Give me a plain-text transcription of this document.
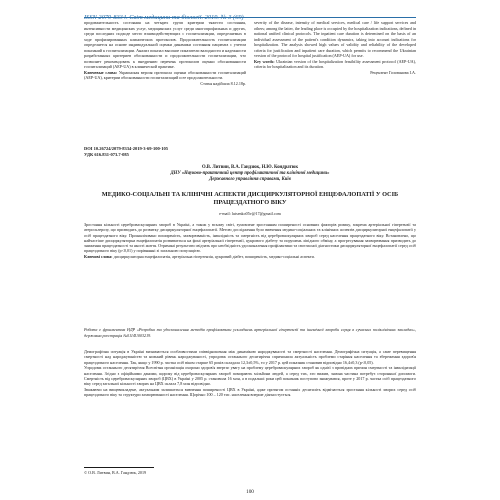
продовжительность состояния на четырех групп критерии тяжести состояния, интенсивности медицинских услуг, медицинских услуг среди многопрофильных и других, среди последних подходе место взаимодействующих с госпитализации, определяемых в ходе профилированных клинических протоколов. Продолжительность госпитализации определяется на основе индивидуальной оценки динамики состояния пациента с учетом показаний к госпитализации. Анализ показал высокие показатели валидности и надежности разработанных критериев обоснованности и продолжительности госпитализации, что позволяет рекомендовать к внедрению перечень протоколов оценки обоснованности госпитализаций (AEP-UA) в клинической практике.
Ключевые слова: Украинская версия протокола оценки обоснованности госпитализаций (AEP-UA), критерии обоснованности госпитализаций и ее продолжительности.
Статья надійшла 8.12.18р.
severity of the disease, intensity of medical services, medical care / life support services and others; among the latter, the leading place is occupied by the hospitalization indications, defined in national unified clinical protocols. The inpatient care duration is determined on the basis of an individual assessment of the patient's condition dynamics, taking into account indications for hospitalization. The analysis showed high values of validity and reliability of the developed criteria for justification and inpatient care duration, which permits to recommend the Ukrainian version of the protocol for hospital justification (AEP-UA) for use.
Key words: Ukrainian version of the hospitalization feasibility assessment protocol (AEP-UA), criteria for hospitalization and its duration.
Рецензент Голованова І.А.
DOI 10.26724/2079-8334-2019-3-69-100-105
УДК 616.831-073.7-085
О.В. Литвин, В.А. Гандзюк, Н.Ю. Кондратюк
ДНУ «Науково-практичний центр профілактичної та клінічної медицини»
Державного управління справами, Київ
МЕДИКО-СОЦІАЛЬНІ ТА КЛІНІЧНІ АСПЕКТИ ДИСЦИРКУЛЯТОРНОЇ ЕНЦЕФАЛОПАТІЇ У ОСІБ ПРАЦЕЗДАТНОГО ВІКУ
e-mail: lutsenko05v@17@gmail.com
Зростання кількості цереброваскулярних хвороб в Україні, а також у всьому світі, зумовлене зростанням поширеності основних факторів ризику, зокрема артеріальної гіпертензії та атеросклерозу, що призводять до розвитку дисциркуляторної енцефалопатії. Метою дослідження було вивчення медико-соціальних та клінічних аспектів дисциркуляторної енцефалопатії у осіб працездатного віку. Проаналізовано поширеність, захворюваність, інвалідність та смертність від цереброваскулярних хвороб серед населення працездатного віку. Встановлено, що найчастіше дисциркуляторна енцефалопатія розвивається на фоні артеріальної гіпертензії, цукрового діабету та порушень ліпідного обміну, а прогресування захворювання призводить до зниження працездатності та якості життя. Отримані результати свідчать про необхідність удосконалення профілактики та своєчасної діагностики дисциркуляторної енцефалопатії серед осіб працездатного віку (p<0,01) у порівнянні зі загальною популяцією.
Ключові слова: дисциркуляторна енцефалопатія, артеріальна гіпертензія, цукровий діабет, поширеність, медико-соціальні аспекти.
Робота є фрагментом НДР «Розробка та удосконалення методів профілактики ускладнень артеріальної гіпертензії та ішемічної хвороби серця в сучасних поліклінічних закладах», державна реєстрація №0114U003219.
Демографічна ситуація в Україні визначається особливостями співвідношення між динамікою народжуваності та смертності населення. Демографічна ситуація, а саме перевищення смертності над народжуваністю та низький рівень народжуваності, упродовж останнього десятиріччя спричинила актуальність проблеми старіння населення та збереження здоров'я працездатного населення. Так, якщо у 1990 р. частка осіб віком старше 65 років складала 12,3±0,5%, то у 2017 р. цей показник становив відповідно 16,4±0,3 (p<0,05).
Упродовж останнього десятиріччя Всесвітня організація охорони здоров'я звертає увагу на проблему цереброваскулярних хвороб як однієї з провідних причин смертності та інвалідизації населення. Згідно з офіційними даними, щороку від цереброваскулярних хвороб помирають мільйони людей, а серед тих, хто вижив, значна частина потребує сторонньої допомоги. Смертність від цереброваскулярних хвороб (ЦВХ) в Україні у 2005 р. становила 16 млн, а в подальші роки цей показник поступово знижувався, проте у 2017 р. частка осіб працездатного віку серед загальної кількості хворих на ЦВХ склала 7,8 млн відповідно.
Зважаючи на вищевикладене, актуальним залишається вивчення поширеності ЦВХ в Україні, адже протягом останніх десятиліть відмічається зростання кількості хворих серед осіб працездатного віку та структури захворюваності населення. Щорічно 100 – 120 тис. населення вперше діагностується.
© О.В. Литвин, В.А. Гандзюк, 2019
100
